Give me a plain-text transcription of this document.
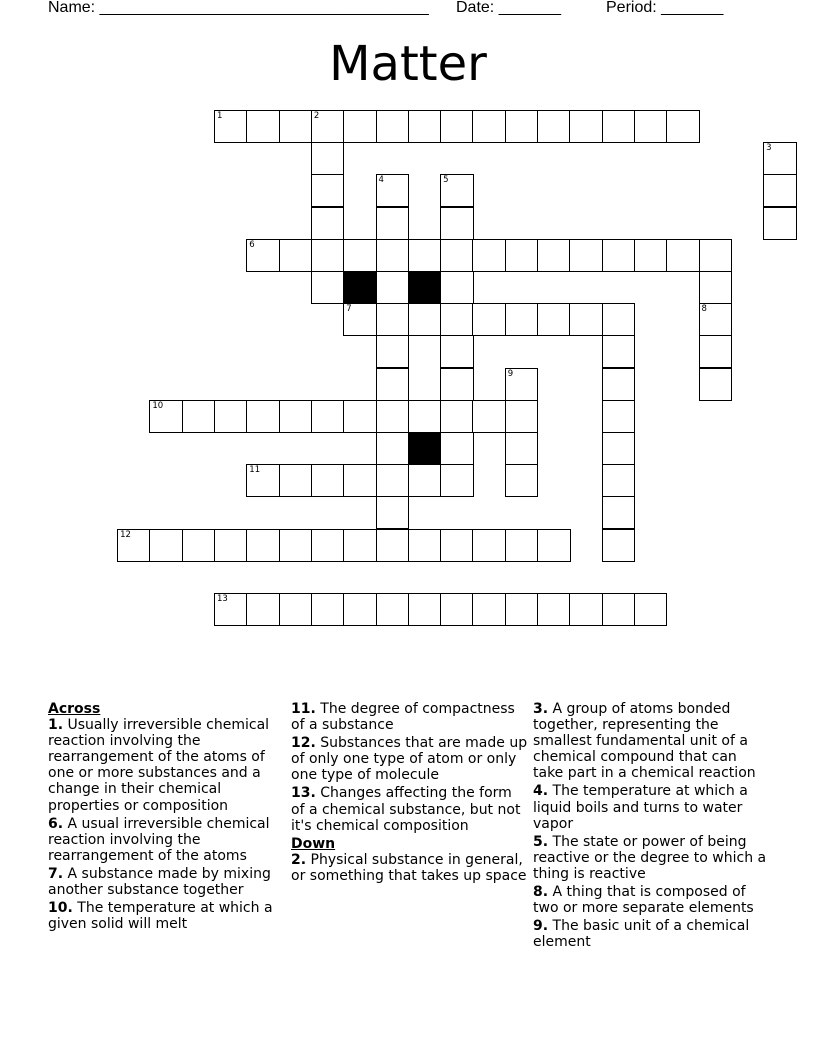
Name: _____________________________________ Date: _______	Period: _______
Matter
1	2
3
4	5
6
7	8
9
10
11
12
13
Across
1. Usually irreversible chemical reaction involving the rearrangement of the atoms of one or more substances and a change in their chemical properties or composition
6. A usual irreversible chemical reaction involving the rearrangement of the atoms
7. A substance made by mixing another substance together
10. The temperature at which a given solid will melt
11. The degree of compactness of a substance
12. Substances that are made up of only one type of atom or only one type of molecule
13. Changes affecting the form of a chemical substance, but not it's chemical composition
Down
2. Physical substance in general, or something that takes up space
3. A group of atoms bonded together, representing the smallest fundamental unit of a chemical compound that can take part in a chemical reaction
4. The temperature at which a liquid boils and turns to water vapor
5. The state or power of being reactive or the degree to which a thing is reactive
8. A thing that is composed of two or more separate elements
9. The basic unit of a chemical element
